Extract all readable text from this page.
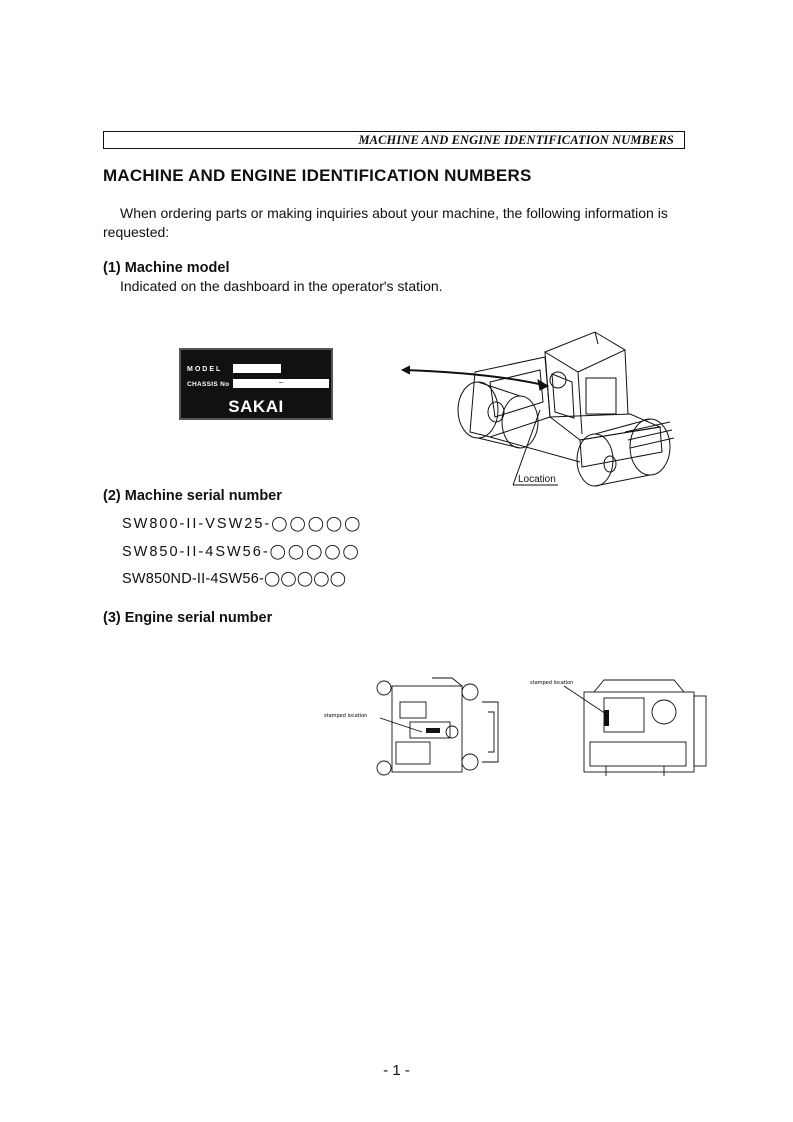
MACHINE AND ENGINE IDENTIFICATION NUMBERS
MACHINE AND ENGINE IDENTIFICATION NUMBERS
When ordering parts or making inquiries about your machine, the following information is requested:
(1) Machine model
Indicated on the dashboard in the operator's station.
MODEL
CHASSIS No	–
SAKAI
Location
(2) Machine serial number
SW800-II-VSW25-◯◯◯◯◯
SW850-II-4SW56-◯◯◯◯◯
SW850ND-II-4SW56-◯◯◯◯◯
(3) Engine serial number
stamped location
stamped location
- 1 -
